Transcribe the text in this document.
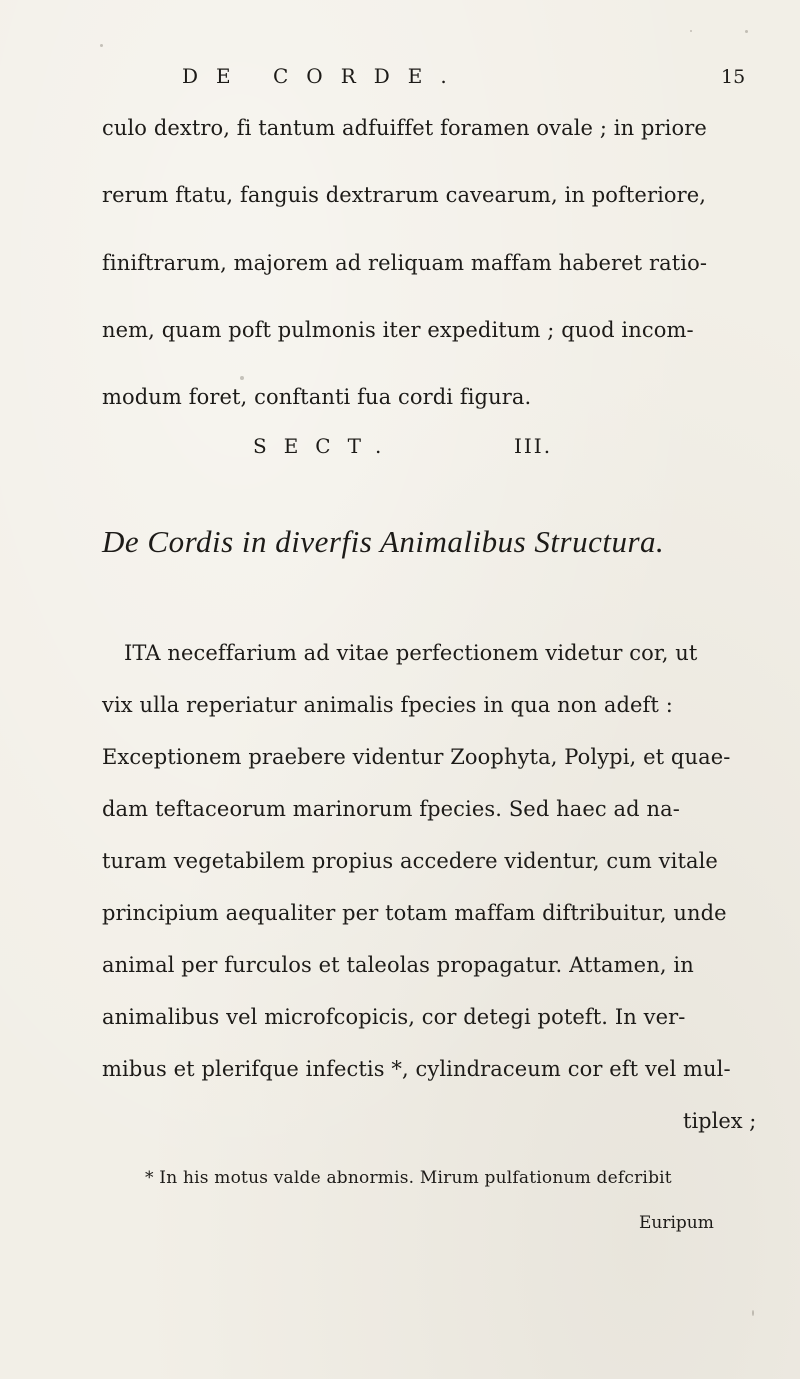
DE CORDE.	15
culo dextro, fi tantum adfuiffet foramen ovale ; in priore
rerum ftatu, fanguis dextrarum cavearum, in pofteriore,
finiftrarum, majorem ad reliquam maffam haberet ratio-
nem, quam poft pulmonis iter expeditum ; quod incom-
modum foret, conftanti fua cordi figura.
SECT.	III.
De Cordis in diverfis Animalibus Structura.
ITA neceffarium ad vitae perfectionem videtur cor, ut
vix ulla reperiatur animalis fpecies in qua non adeft :
Exceptionem praebere videntur Zoophyta, Polypi, et quae-
dam teftaceorum marinorum fpecies. Sed haec ad na-
turam vegetabilem propius accedere videntur, cum vitale
principium aequaliter per totam maffam diftribuitur, unde
animal per furculos et taleolas propagatur. Attamen, in
animalibus vel microfcopicis, cor detegi poteft. In ver-
mibus et plerifque infectis *, cylindraceum cor eft vel mul-
tiplex ;
* In his motus valde abnormis. Mirum pulfationum defcribit
Euripum
